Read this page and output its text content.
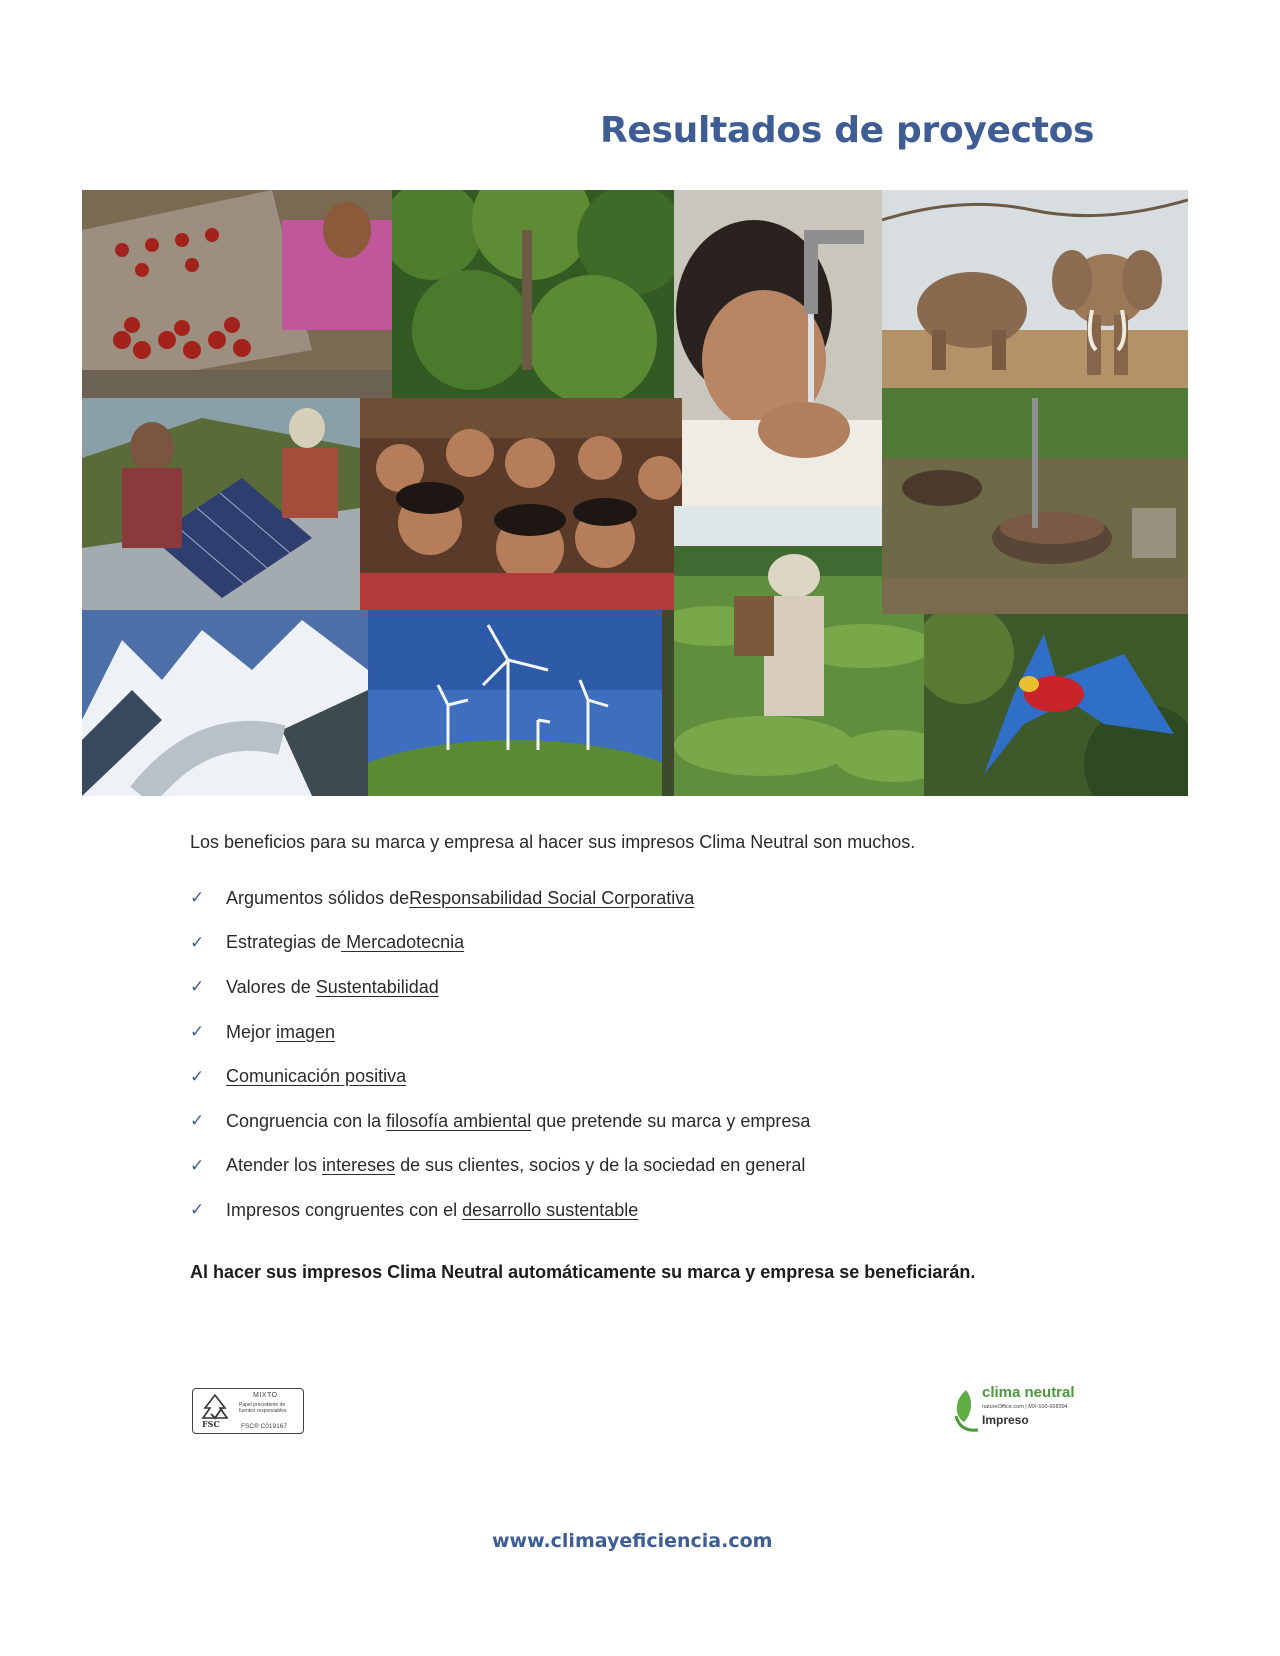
Resultados de proyectos

Los beneficios para su marca y empresa al hacer sus impresos Clima Neutral son muchos.

✓	Argumentos sólidos de Responsabilidad Social Corporativa
✓	Estrategias de Mercadotecnia
✓	Valores de Sustentabilidad
✓	Mejor imagen
✓	Comunicación positiva
✓	Congruencia con la filosofía ambiental que pretende su marca y empresa
✓	Atender los intereses de sus clientes, socios y de la sociedad en general
✓	Impresos congruentes con el desarrollo sustentable

Al hacer sus impresos Clima Neutral automáticamente su marca y empresa se beneficiarán.

FSC
MIXTO
Papel procedente de fuentes responsables
FSC® C019167
clima neutral
natureOffice.com | MX-100-668394
Impreso

www.climayeficiencia.com
